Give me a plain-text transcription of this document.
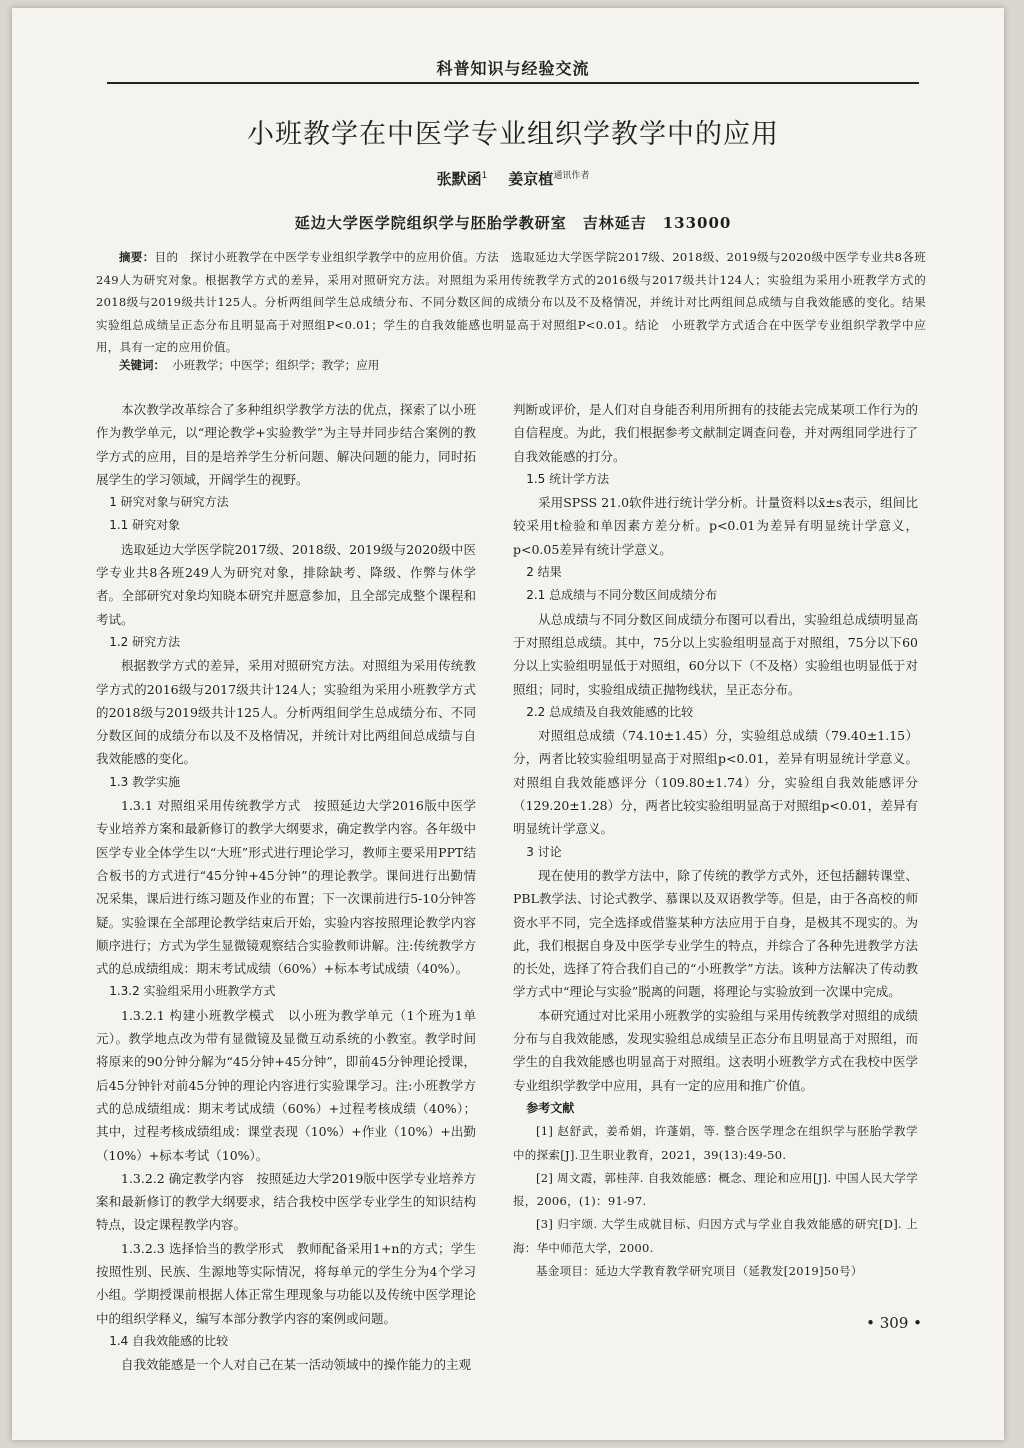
科普知识与经验交流
小班教学在中医学专业组织学教学中的应用
张默函$^1$ 姜京植$^{通讯作者}$
延边大学医学院组织学与胚胎学教研室　吉林延吉　133000
摘要：目的　探讨小班教学在中医学专业组织学教学中的应用价值。方法　选取延边大学医学院2017级、2018级、2019级与2020级中医学专业共8各班249人为研究对象。根据教学方式的差异，采用对照研究方法。对照组为采用传统教学方式的2016级与2017级共计124人；实验组为采用小班教学方式的2018级与2019级共计125人。分析两组间学生总成绩分布、不同分数区间的成绩分布以及不及格情况，并统计对比两组间总成绩与自我效能感的变化。结果　实验组总成绩呈正态分布且明显高于对照组P<0.01；学生的自我效能感也明显高于对照组P<0.01。结论　小班教学方式适合在中医学专业组织学教学中应用，具有一定的应用价值。
关键词： 小班教学；中医学；组织学；教学；应用

本次教学改革综合了多种组织学教学方法的优点，探索了以小班作为教学单元，以“理论教学+实验教学”为主导并同步结合案例的教学方式的应用，目的是培养学生分析问题、解决问题的能力，同时拓展学生的学习领域，开阔学生的视野。

1 研究对象与研究方法

1.1 研究对象

选取延边大学医学院2017级、2018级、2019级与2020级中医学专业共8各班249人为研究对象，排除缺考、降级、作弊与休学者。全部研究对象均知晓本研究并愿意参加，且全部完成整个课程和考试。

1.2 研究方法

根据教学方式的差异，采用对照研究方法。对照组为采用传统教学方式的2016级与2017级共计124人；实验组为采用小班教学方式的2018级与2019级共计125人。分析两组间学生总成绩分布、不同分数区间的成绩分布以及不及格情况，并统计对比两组间总成绩与自我效能感的变化。

1.3 教学实施

1.3.1 对照组采用传统教学方式　按照延边大学2016版中医学专业培养方案和最新修订的教学大纲要求，确定教学内容。各年级中医学专业全体学生以“大班”形式进行理论学习，教师主要采用PPT结合板书的方式进行“45分钟+45分钟”的理论教学。课间进行出勤情况采集，课后进行练习题及作业的布置；下一次课前进行5-10分钟答疑。实验课在全部理论教学结束后开始，实验内容按照理论教学内容顺序进行；方式为学生显微镜观察结合实验教师讲解。注:传统教学方式的总成绩组成：期末考试成绩（60%）+标本考试成绩（40%）。

1.3.2 实验组采用小班教学方式

1.3.2.1 构建小班教学模式　以小班为教学单元（1个班为1单元）。教学地点改为带有显微镜及显微互动系统的小教室。教学时间将原来的90分钟分解为“45分钟+45分钟”，即前45分钟理论授课，后45分钟针对前45分钟的理论内容进行实验课学习。注:小班教学方式的总成绩组成：期末考试成绩（60%）+过程考核成绩（40%）；其中，过程考核成绩组成：课堂表现（10%）+作业（10%）+出勤（10%）+标本考试（10%）。

1.3.2.2 确定教学内容　按照延边大学2019版中医学专业培养方案和最新修订的教学大纲要求，结合我校中医学专业学生的知识结构特点，设定课程教学内容。

1.3.2.3 选择恰当的教学形式　教师配备采用1+n的方式；学生按照性别、民族、生源地等实际情况，将每单元的学生分为4个学习小组。学期授课前根据人体正常生理现象与功能以及传统中医学理论中的组织学释义，编写本部分教学内容的案例或问题。

1.4 自我效能感的比较

自我效能感是一个人对自己在某一活动领域中的操作能力的主观

判断或评价，是人们对自身能否利用所拥有的技能去完成某项工作行为的自信程度。为此，我们根据参考文献制定调查问卷，并对两组同学进行了自我效能感的打分。

1.5 统计学方法

采用SPSS 21.0软件进行统计学分析。计量资料以x̄±s表示，组间比较采用t检验和单因素方差分析。p<0.01为差异有明显统计学意义，p<0.05差异有统计学意义。

2 结果

2.1 总成绩与不同分数区间成绩分布

从总成绩与不同分数区间成绩分布图可以看出，实验组总成绩明显高于对照组总成绩。其中，75分以上实验组明显高于对照组，75分以下60分以上实验组明显低于对照组，60分以下（不及格）实验组也明显低于对照组；同时，实验组成绩正抛物线状，呈正态分布。

2.2 总成绩及自我效能感的比较

对照组总成绩（74.10±1.45）分，实验组总成绩（79.40±1.15）分，两者比较实验组明显高于对照组p<0.01，差异有明显统计学意义。对照组自我效能感评分（109.80±1.74）分，实验组自我效能感评分（129.20±1.28）分，两者比较实验组明显高于对照组p<0.01，差异有明显统计学意义。

3 讨论

现在使用的教学方法中，除了传统的教学方式外，还包括翻转课堂、PBL教学法、讨论式教学、慕课以及双语教学等。但是，由于各高校的师资水平不同，完全选择或借鉴某种方法应用于自身，是极其不现实的。为此，我们根据自身及中医学专业学生的特点，并综合了各种先进教学方法的长处，选择了符合我们自己的“小班教学”方法。该种方法解决了传动教学方式中“理论与实验”脱离的问题，将理论与实验放到一次课中完成。

本研究通过对比采用小班教学的实验组与采用传统教学对照组的成绩分布与自我效能感，发现实验组总成绩呈正态分布且明显高于对照组，而学生的自我效能感也明显高于对照组。这表明小班教学方式在我校中医学专业组织学教学中应用，具有一定的应用和推广价值。

参考文献

[1] 赵舒武，姜希娟，许蓬娟，等. 整合医学理念在组织学与胚胎学教学中的探索[J].卫生职业教育，2021，39(13):49-50.

[2] 周文霞，郭桂萍. 自我效能感：概念、理论和应用[J]. 中国人民大学学报，2006，(1)：91-97.

[3] 归宇颂. 大学生成就目标、归因方式与学业自我效能感的研究[D]. 上海：华中师范大学，2000.

基金项目：延边大学教育教学研究项目（延教发[2019]50号）

• 309 •
